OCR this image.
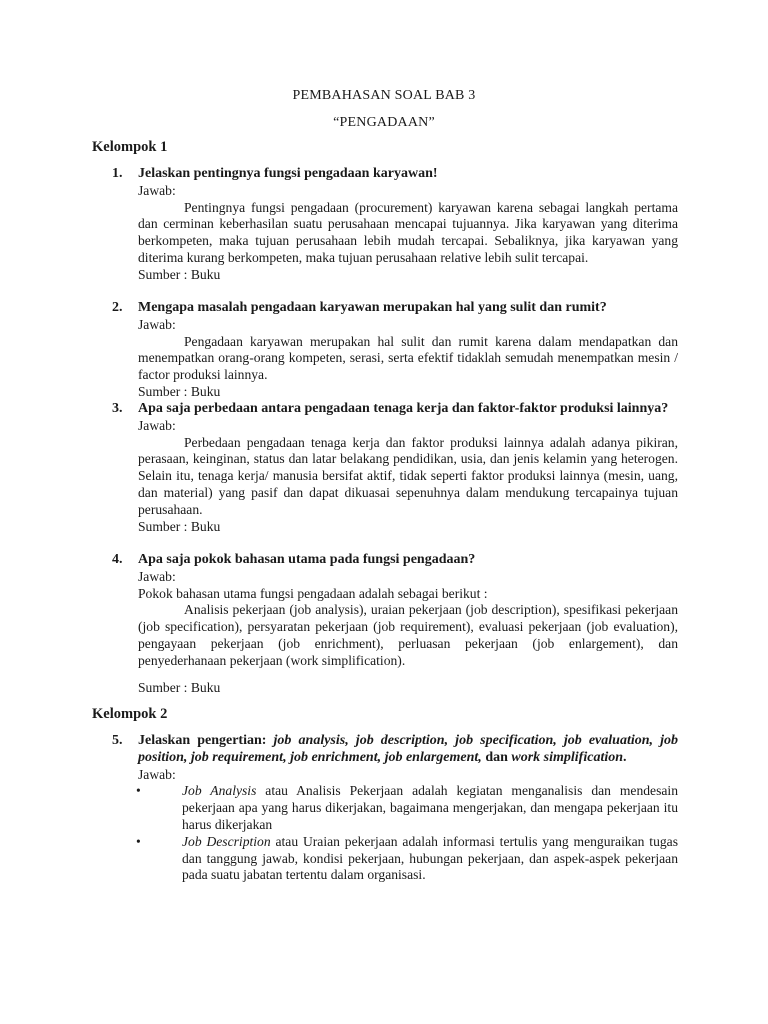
PEMBAHASAN SOAL BAB 3
“PENGADAAN”
Kelompok 1
1.	Jelaskan pentingnya fungsi pengadaan karyawan!
Jawab:
Pentingnya fungsi pengadaan (procurement) karyawan karena sebagai langkah pertama dan cerminan keberhasilan suatu perusahaan mencapai tujuannya. Jika karyawan yang diterima berkompeten, maka tujuan perusahaan lebih mudah tercapai. Sebaliknya, jika karyawan yang diterima kurang berkompeten, maka tujuan perusahaan relative lebih sulit tercapai.
Sumber : Buku
2.	Mengapa masalah pengadaan karyawan merupakan hal yang sulit dan rumit?
Jawab:
Pengadaan karyawan merupakan hal sulit dan rumit karena dalam mendapatkan dan menempatkan orang-orang kompeten, serasi, serta efektif tidaklah semudah menempatkan mesin / factor produksi lainnya.
Sumber : Buku
3.	Apa saja perbedaan antara pengadaan tenaga kerja dan faktor-faktor produksi lainnya?
Jawab:
Perbedaan pengadaan tenaga kerja dan faktor produksi lainnya adalah adanya pikiran, perasaan, keinginan, status dan latar belakang pendidikan, usia, dan jenis kelamin yang heterogen. Selain itu, tenaga kerja/ manusia bersifat aktif, tidak seperti faktor produksi lainnya (mesin, uang, dan material) yang pasif dan dapat dikuasai sepenuhnya dalam mendukung tercapainya tujuan perusahaan.
Sumber : Buku
4.	Apa saja pokok bahasan utama pada fungsi pengadaan?
Jawab:
Pokok bahasan utama fungsi pengadaan adalah sebagai berikut :
Analisis pekerjaan (job analysis), uraian pekerjaan (job description), spesifikasi pekerjaan (job specification), persyaratan pekerjaan (job requirement), evaluasi pekerjaan (job evaluation), pengayaan pekerjaan (job enrichment), perluasan pekerjaan (job enlargement), dan penyederhanaan pekerjaan (work simplification).
Sumber : Buku
Kelompok 2
5.	Jelaskan pengertian: job analysis, job description, job specification, job evaluation, job position, job requirement, job enrichment, job enlargement, dan work simplification.
Jawab:
•	Job Analysis atau Analisis Pekerjaan adalah kegiatan menganalisis dan mendesain pekerjaan apa yang harus dikerjakan, bagaimana mengerjakan, dan mengapa pekerjaan itu harus dikerjakan
•	Job Description atau Uraian pekerjaan adalah informasi tertulis yang menguraikan tugas dan tanggung jawab, kondisi pekerjaan, hubungan pekerjaan, dan aspek-aspek pekerjaan pada suatu jabatan tertentu dalam organisasi.
